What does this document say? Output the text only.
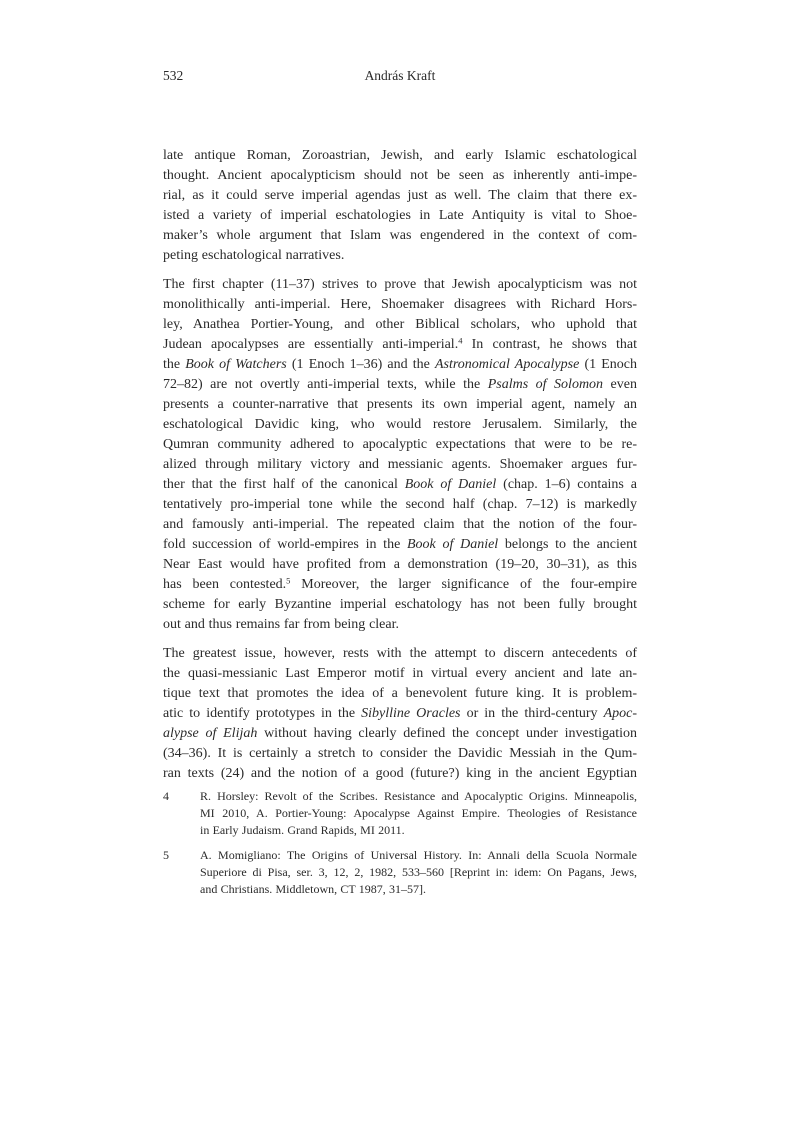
532	András Kraft
late antique Roman, Zoroastrian, Jewish, and early Islamic eschatological
thought. Ancient apocalypticism should not be seen as inherently anti-impe-
rial, as it could serve imperial agendas just as well. The claim that there ex-
isted a variety of imperial eschatologies in Late Antiquity is vital to Shoe-
maker’s whole argument that Islam was engendered in the context of com-
peting eschatological narratives.
The first chapter (11–37) strives to prove that Jewish apocalypticism was not
monolithically anti-imperial. Here, Shoemaker disagrees with Richard Hors-
ley, Anathea Portier-Young, and other Biblical scholars, who uphold that
Judean apocalypses are essentially anti-imperial.$^4$ In contrast, he shows that
the Book of Watchers (1 Enoch 1–36) and the Astronomical Apocalypse (1 Enoch
72–82) are not overtly anti-imperial texts, while the Psalms of Solomon even
presents a counter-narrative that presents its own imperial agent, namely an
eschatological Davidic king, who would restore Jerusalem. Similarly, the
Qumran community adhered to apocalyptic expectations that were to be re-
alized through military victory and messianic agents. Shoemaker argues fur-
ther that the first half of the canonical Book of Daniel (chap. 1–6) contains a
tentatively pro-imperial tone while the second half (chap. 7–12) is markedly
and famously anti-imperial. The repeated claim that the notion of the four-
fold succession of world-empires in the Book of Daniel belongs to the ancient
Near East would have profited from a demonstration (19–20, 30–31), as this
has been contested.$^5$ Moreover, the larger significance of the four-empire
scheme for early Byzantine imperial eschatology has not been fully brought
out and thus remains far from being clear.
The greatest issue, however, rests with the attempt to discern antecedents of
the quasi-messianic Last Emperor motif in virtual every ancient and late an-
tique text that promotes the idea of a benevolent future king. It is problem-
atic to identify prototypes in the Sibylline Oracles or in the third-century Apoc-
alypse of Elijah without having clearly defined the concept under investigation
(34–36). It is certainly a stretch to consider the Davidic Messiah in the Qum-
ran texts (24) and the notion of a good (future?) king in the ancient Egyptian
4	R. Horsley: Revolt of the Scribes. Resistance and Apocalyptic Origins. Minneapolis,
MI 2010, A. Portier-Young: Apocalypse Against Empire. Theologies of Resistance
in Early Judaism. Grand Rapids, MI 2011.
5	A. Momigliano: The Origins of Universal History. In: Annali della Scuola Normale
Superiore di Pisa, ser. 3, 12, 2, 1982, 533–560 [Reprint in: idem: On Pagans, Jews,
and Christians. Middletown, CT 1987, 31–57].
